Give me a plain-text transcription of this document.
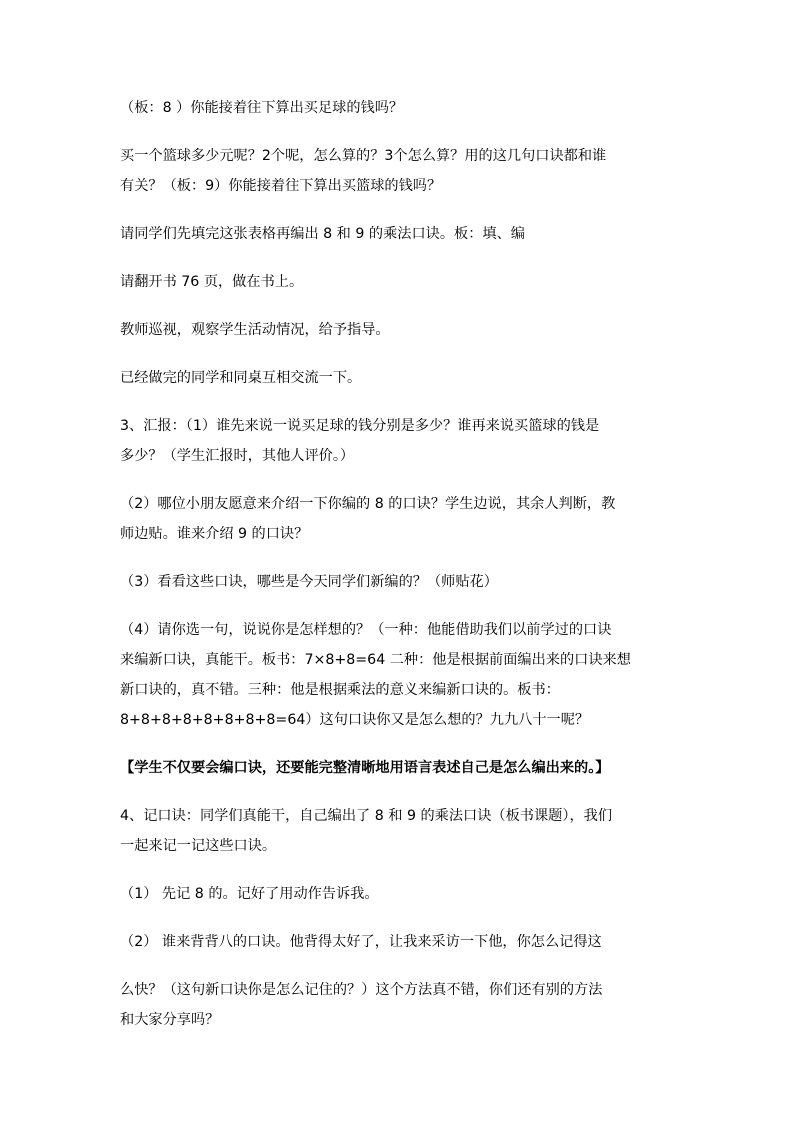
（板：8 ）你能接着往下算出买足球的钱吗？

买一个篮球多少元呢？2个呢，怎么算的？3个怎么算？用的这几句口诀都和谁
有关？（板：9）你能接着往下算出买篮球的钱吗？

请同学们先填完这张表格再编出 8 和 9 的乘法口诀。板：填、编

请翻开书 76 页，做在书上。

教师巡视，观察学生活动情况，给予指导。

已经做完的同学和同桌互相交流一下。

3、汇报：（1）谁先来说一说买足球的钱分别是多少？谁再来说买篮球的钱是
多少？（学生汇报时，其他人评价。）

（2）哪位小朋友愿意来介绍一下你编的 8 的口诀？学生边说，其余人判断，教
师边贴。谁来介绍 9 的口诀？

（3）看看这些口诀，哪些是今天同学们新编的？（师贴花）

（4）请你选一句，说说你是怎样想的？（一种：他能借助我们以前学过的口诀
来编新口诀，真能干。板书：7×8+8=64 二种：他是根据前面编出来的口诀来想
新口诀的，真不错。三种：他是根据乘法的意义来编新口诀的。板书：
8+8+8+8+8+8+8+8=64）这句口诀你又是怎么想的？九九八十一呢？

【学生不仅要会编口诀，还要能完整清晰地用语言表述自己是怎么编出来的。】

4、记口诀：同学们真能干，自己编出了 8 和 9 的乘法口诀（板书课题），我们
一起来记一记这些口诀。

（1） 先记 8 的。记好了用动作告诉我。

（2） 谁来背背八的口诀。他背得太好了，让我来采访一下他，你怎么记得这

么快？（这句新口诀你是怎么记住的？）这个方法真不错，你们还有别的方法
和大家分享吗？
